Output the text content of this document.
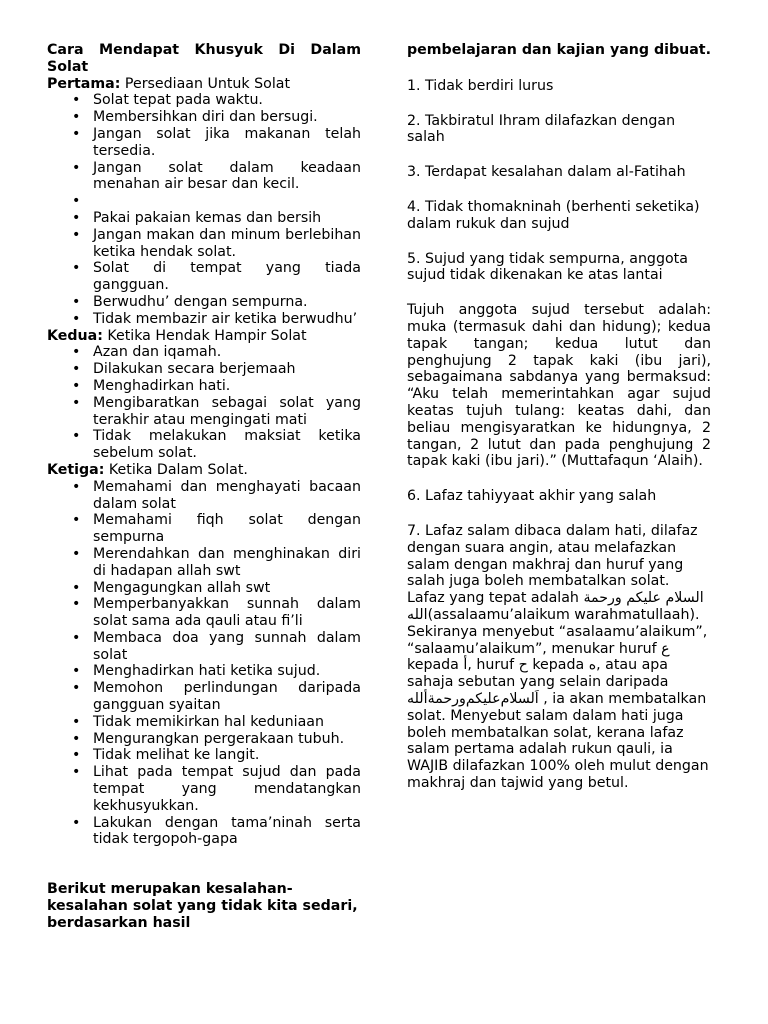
Cara Mendapat Khusyuk Di Dalam Solat

Pertama: Persediaan Untuk Solat

• Solat tepat pada waktu.
• Membersihkan diri dan bersugi.
• Jangan solat jika makanan telah tersedia.
• Jangan solat dalam keadaan menahan air besar dan kecil.
•
• Pakai pakaian kemas dan bersih
• Jangan makan dan minum berlebihan ketika hendak solat.
• Solat di tempat yang tiada gangguan.
• Berwudhu’ dengan sempurna.
• Tidak membazir air ketika berwudhu’

Kedua: Ketika Hendak Hampir Solat

• Azan dan iqamah.
• Dilakukan secara berjemaah
• Menghadirkan hati.
• Mengibaratkan sebagai solat yang terakhir atau mengingati mati
• Tidak melakukan maksiat ketika sebelum solat.

Ketiga: Ketika Dalam Solat.

• Memahami dan menghayati bacaan dalam solat
• Memahami fiqh solat dengan sempurna
• Merendahkan dan menghinakan diri di hadapan allah swt
• Mengagungkan allah swt
• Memperbanyakkan sunnah dalam solat sama ada qauli atau fi’li
• Membaca doa yang sunnah dalam solat
• Menghadirkan hati ketika sujud.
• Memohon perlindungan daripada gangguan syaitan
• Tidak memikirkan hal keduniaan
• Mengurangkan pergerakaan tubuh.
• Tidak melihat ke langit.
• Lihat pada tempat sujud dan pada tempat yang mendatangkan kekhusyukkan.
• Lakukan dengan tama’ninah serta tidak tergopoh-gapa

Berikut merupakan kesalahan-kesalahan solat yang tidak kita sedari, berdasarkan hasil

pembelajaran dan kajian yang dibuat.

1. Tidak berdiri lurus

2. Takbiratul Ihram dilafazkan dengan salah

3. Terdapat kesalahan dalam al-Fatihah

4. Tidak thomakninah (berhenti seketika) dalam rukuk dan sujud

5. Sujud yang tidak sempurna, anggota sujud tidak dikenakan ke atas lantai

Tujuh anggota sujud tersebut adalah: muka (termasuk dahi dan hidung); kedua tapak tangan; kedua lutut dan penghujung 2 tapak kaki (ibu jari), sebagaimana sabdanya yang bermaksud: “Aku telah memerintahkan agar sujud keatas tujuh tulang: keatas dahi, dan beliau mengisyaratkan ke hidungnya, 2 tangan, 2 lutut dan pada penghujung 2 tapak kaki (ibu jari).” (Muttafaqun ‘Alaih).

6. Lafaz tahiyyaat akhir yang salah

7. Lafaz salam dibaca dalam hati, dilafaz dengan suara angin, atau melafazkan salam dengan makhraj dan huruf yang salah juga boleh membatalkan solat. Lafaz yang tepat adalah السلام عليكم ورحمة الله(assalaamu’alaikum warahmatullaah). Sekiranya menyebut “asalaamu’alaikum”, “salaamu’alaikum”, menukar huruf ع kepada أ, huruf ح kepada ه, atau apa sahaja sebutan yang selain daripada اَلسلام‌عليكم‌ورحمةألله , ia akan membatalkan solat. Menyebut salam dalam hati juga boleh membatalkan solat, kerana lafaz salam pertama adalah rukun qauli, ia WAJIB dilafazkan 100% oleh mulut dengan makhraj dan tajwid yang betul.
